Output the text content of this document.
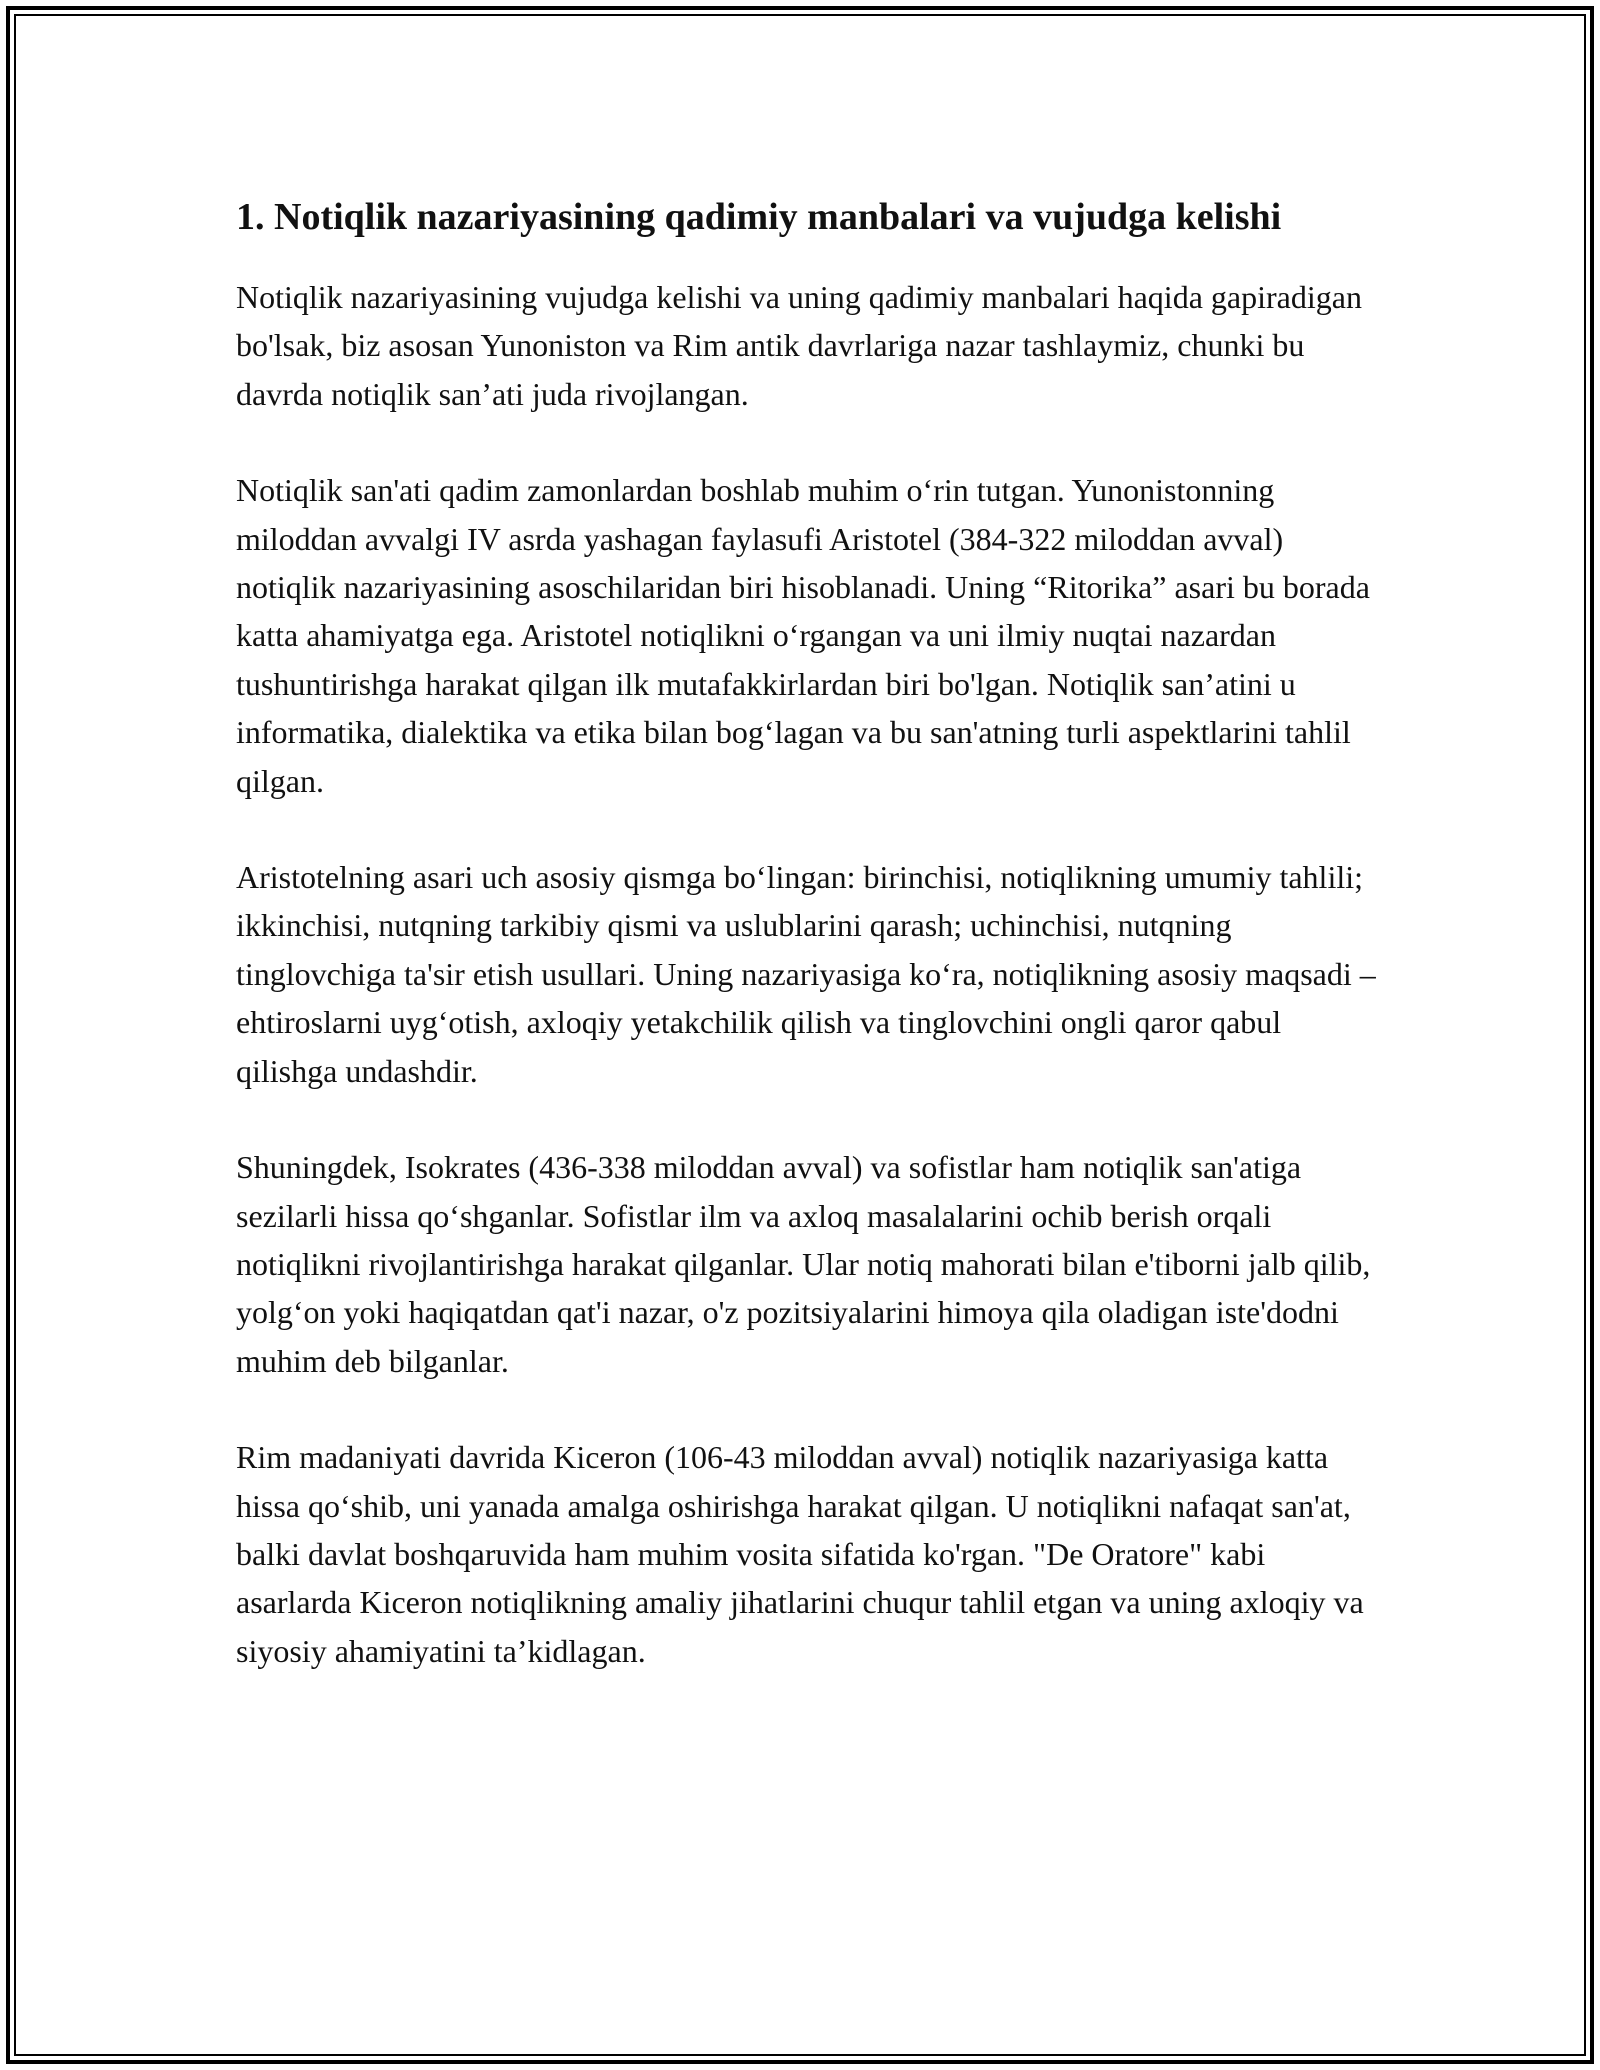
1. Notiqlik nazariyasining qadimiy manbalari va vujudga kelishi

Notiqlik nazariyasining vujudga kelishi va uning qadimiy manbalari haqida gapiradigan bo'lsak, biz asosan Yunoniston va Rim antik davrlariga nazar tashlaymiz, chunki bu davrda notiqlik san’ati juda rivojlangan.

Notiqlik san'ati qadim zamonlardan boshlab muhim o‘rin tutgan. Yunonistonning miloddan avvalgi IV asrda yashagan faylasufi Aristotel (384-322 miloddan avval) notiqlik nazariyasining asoschilaridan biri hisoblanadi. Uning “Ritorika” asari bu borada katta ahamiyatga ega. Aristotel notiqlikni o‘rgangan va uni ilmiy nuqtai nazardan tushuntirishga harakat qilgan ilk mutafakkirlardan biri bo'lgan. Notiqlik san’atini u informatika, dialektika va etika bilan bog‘lagan va bu san'atning turli aspektlarini tahlil qilgan.

Aristotelning asari uch asosiy qismga bo‘lingan: birinchisi, notiqlikning umumiy tahlili; ikkinchisi, nutqning tarkibiy qismi va uslublarini qarash; uchinchisi, nutqning tinglovchiga ta'sir etish usullari. Uning nazariyasiga ko‘ra, notiqlikning asosiy maqsadi – ehtiroslarni uyg‘otish, axloqiy yetakchilik qilish va tinglovchini ongli qaror qabul qilishga undashdir.

Shuningdek, Isokrates (436-338 miloddan avval) va sofistlar ham notiqlik san'atiga sezilarli hissa qo‘shganlar. Sofistlar ilm va axloq masalalarini ochib berish orqali notiqlikni rivojlantirishga harakat qilganlar. Ular notiq mahorati bilan e'tiborni jalb qilib, yolg‘on yoki haqiqatdan qat'i nazar, o'z pozitsiyalarini himoya qila oladigan iste'dodni muhim deb bilganlar.

Rim madaniyati davrida Kiceron (106-43 miloddan avval) notiqlik nazariyasiga katta hissa qo‘shib, uni yanada amalga oshirishga harakat qilgan. U notiqlikni nafaqat san'at, balki davlat boshqaruvida ham muhim vosita sifatida ko'rgan. "De Oratore" kabi asarlarda Kiceron notiqlikning amaliy jihatlarini chuqur tahlil etgan va uning axloqiy va siyosiy ahamiyatini ta’kidlagan.
